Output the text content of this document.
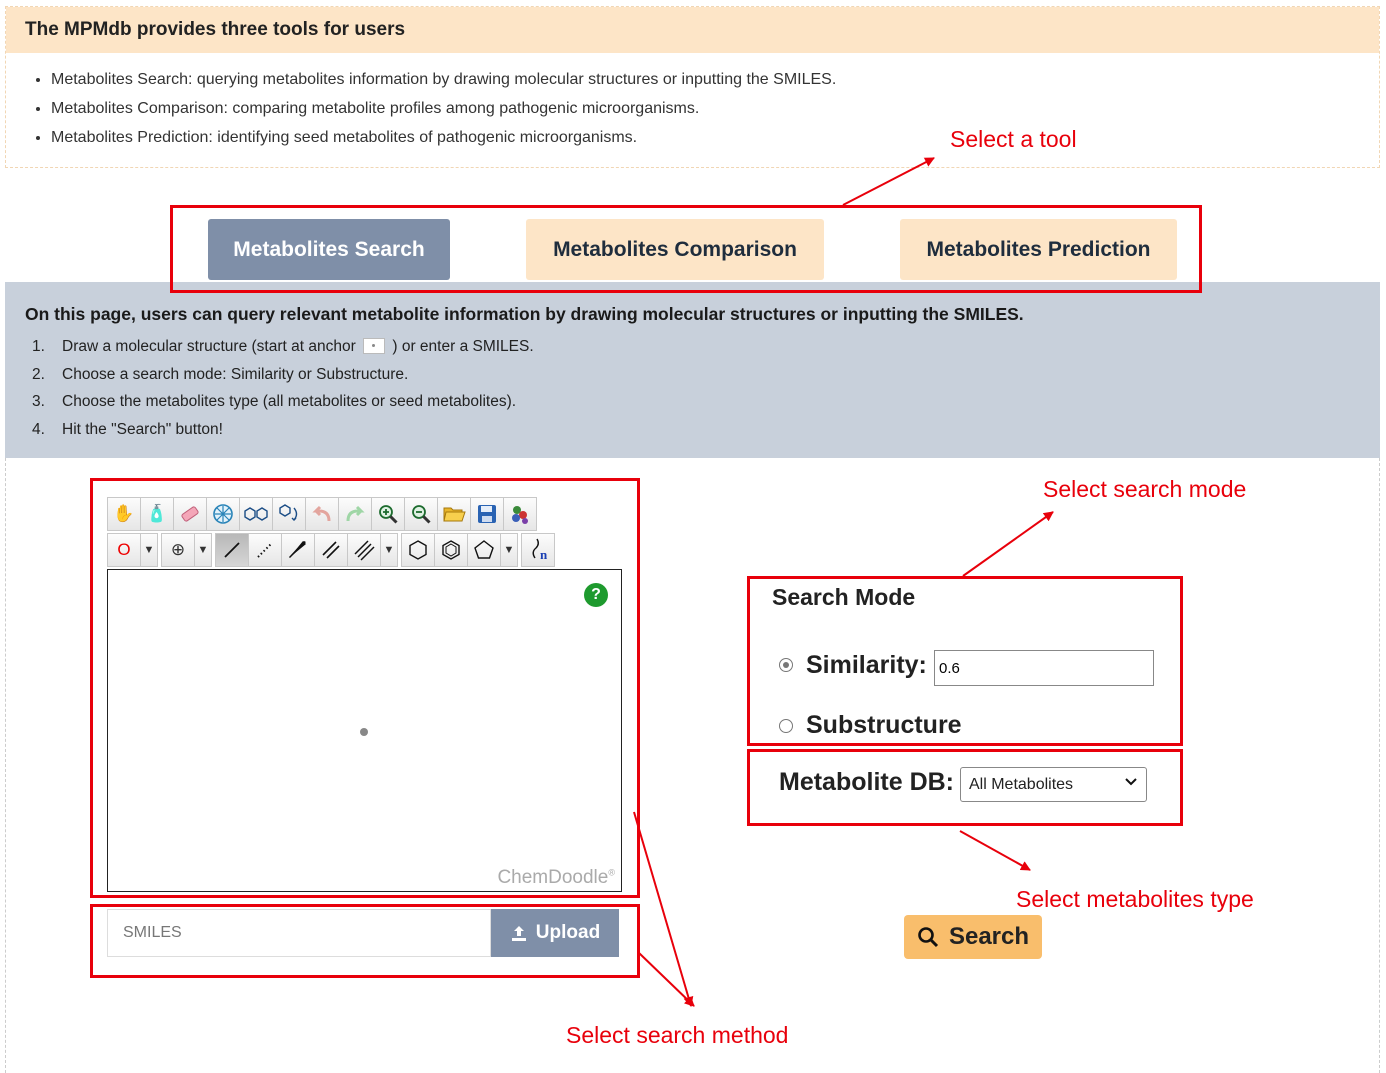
The MPMdb provides three tools for users
• Metabolites Search: querying metabolites information by drawing molecular structures or inputting the SMILES.
• Metabolites Comparison: comparing metabolite profiles among pathogenic microorganisms.
• Metabolites Prediction: identifying seed metabolites of pathogenic microorganisms.
Metabolites Search	Metabolites Comparison	Metabolites Prediction
On this page, users can query relevant metabolite information by drawing molecular structures or inputting the SMILES.
1.	Draw a molecular structure (start at anchor ) or enter a SMILES.
2.	Choose a search mode: Similarity or Substructure.
3.	Choose the metabolites type (all metabolites or seed metabolites).
4.	Hit the "Search" button!
✋ 🧴
O	▼ ⊕	▼	▼	▼ n
?
ChemDoodle®
SMILES
Upload
Search Mode
Similarity:
0.6
Substructure
Metabolite DB: All Metabolites
Search
Select a tool
Select search mode
Select metabolites type
Select search method
